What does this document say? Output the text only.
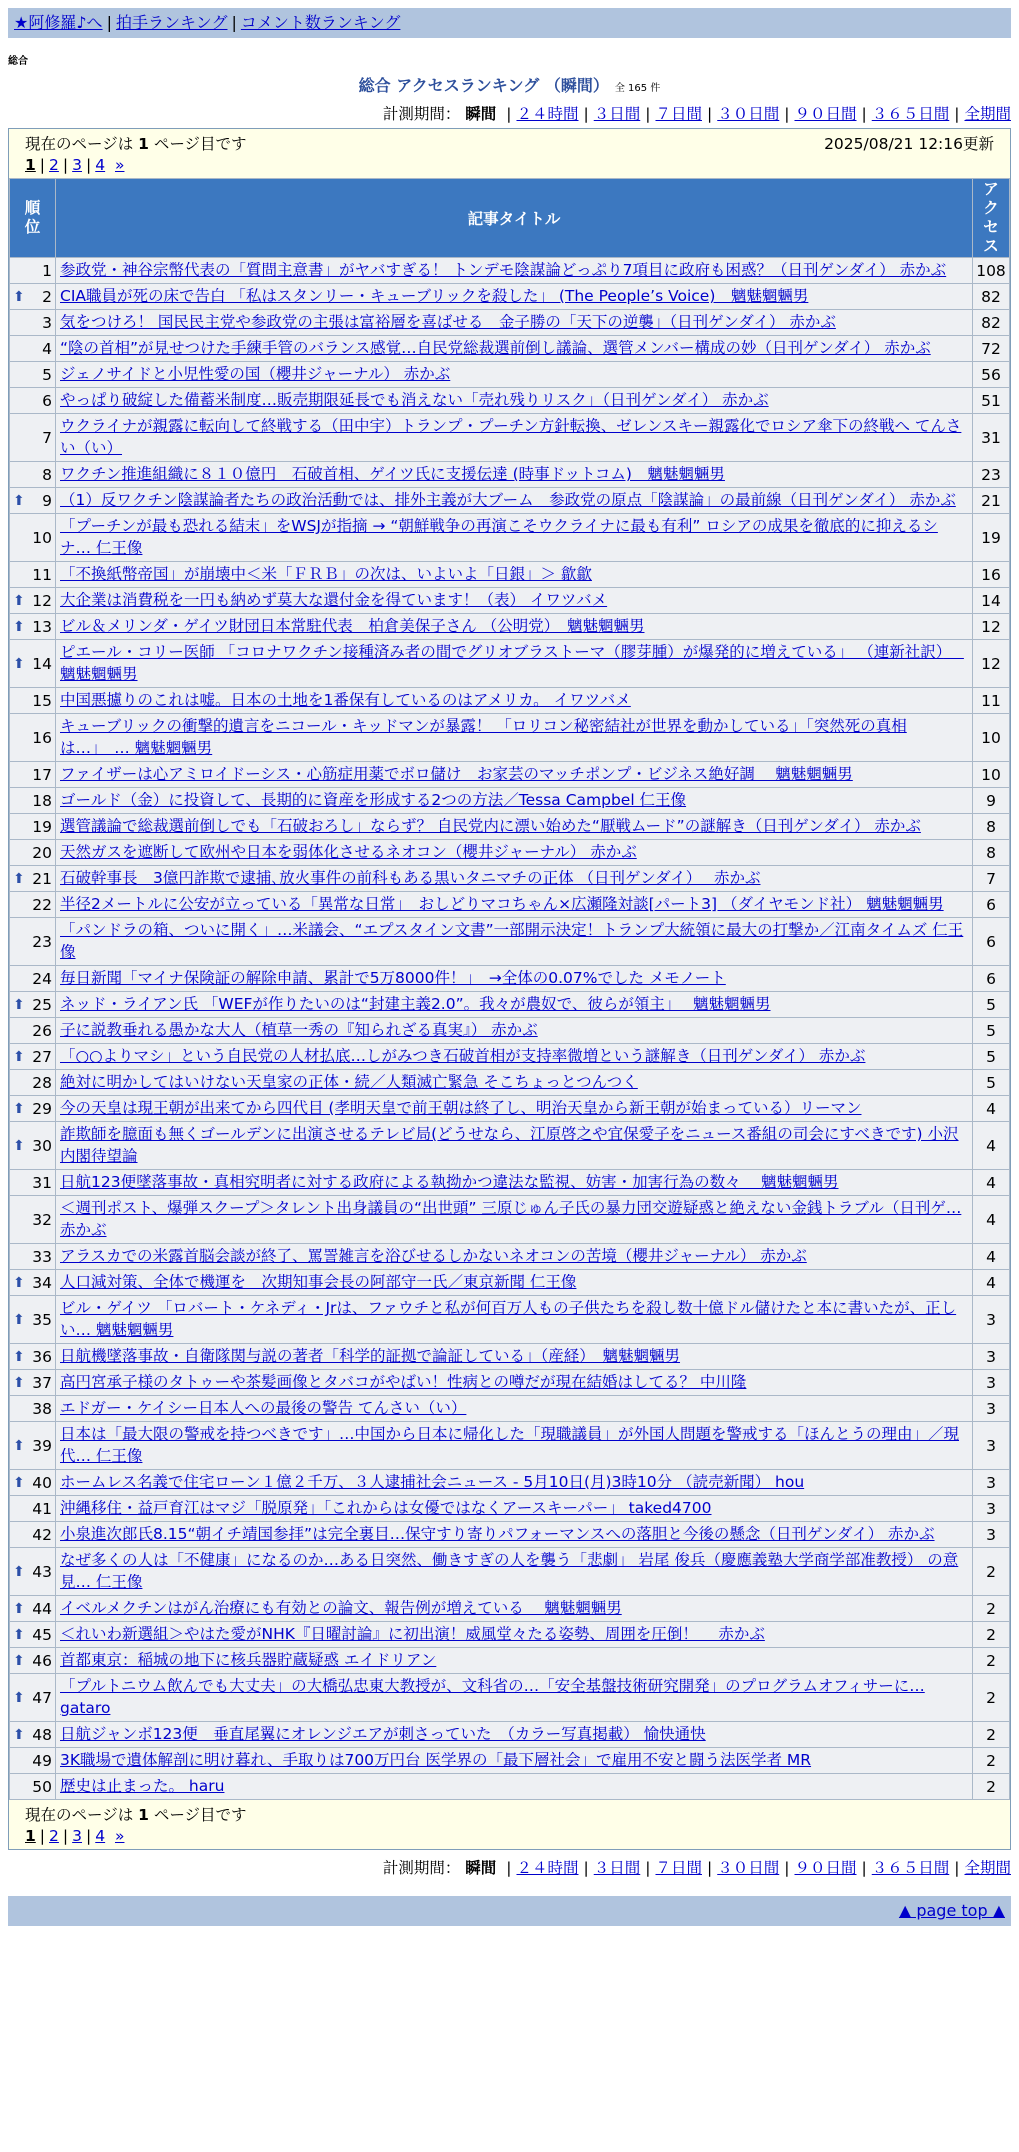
★阿修羅♪へ | 拍手ランキング | コメント数ランキング
総合
総合 アクセスランキング （瞬間） 全 165 件
計測期間： 瞬間 | ２４時間 | ３日間 | ７日間 | ３０日間 | ９０日間 | ３６５日間 | 全期間
現在のページは 1 ページ目です	2025/08/21 12:16更新
1 | 2 | 3 | 4 »
順位	記事タイトル	アクセス
1	参政党・神谷宗幣代表の「質問主意書」がヤバすぎる！ トンデモ陰謀論どっぷり7項目に政府も困惑？（日刊ゲンダイ） 赤かぶ	108

⬆ 2	CIA職員が死の床で告白 「私はスタンリー・キューブリックを殺した」 (The People’s Voice)　魑魅魍魎男	82
3	気をつけろ！ 国民民主党や参政党の主張は富裕層を喜ばせる　金子勝の「天下の逆襲」（日刊ゲンダイ） 赤かぶ	82
4	“陰の首相”が見せつけた手練手管のバランス感覚…自民党総裁選前倒し議論、選管メンバー構成の妙（日刊ゲンダイ） 赤かぶ	72
5	ジェノサイドと小児性愛の国（櫻井ジャーナル） 赤かぶ	56
6	やっぱり破綻した備蓄米制度…販売期限延長でも消えない「売れ残りリスク」（日刊ゲンダイ） 赤かぶ	51
7	ウクライナが親露に転向して終戦する（田中宇）トランプ・プーチン方針転換、ゼレンスキー親露化でロシア傘下の終戦へ てんさい（い）	31
8	ワクチン推進組織に８１０億円　石破首相、ゲイツ氏に支援伝達 (時事ドットコム)　魑魅魍魎男	23

⬆ 9	（1）反ワクチン陰謀論者たちの政治活動では、排外主義が大ブーム　参政党の原点「陰謀論」の最前線（日刊ゲンダイ） 赤かぶ	21
10	「プーチンが最も恐れる結末」をWSJが指摘 → “朝鮮戦争の再演こそウクライナに最も有利” ロシアの成果を徹底的に抑えるシナ… 仁王像	19
11	「不換紙幣帝国」が崩壊中＜米「ＦＲＢ」の次は、いよいよ「日銀」＞ 歙歙	16

⬆ 12	大企業は消費税を一円も納めず莫大な還付金を得ています！（表） イワツバメ	14

⬆ 13	ビル＆メリンダ・ゲイツ財団日本常駐代表　柏倉美保子さん （公明党）　魑魅魍魎男	12

⬆ 14	ピエール・コリー医師 「コロナワクチン接種済み者の間でグリオブラストーマ（膠芽腫）が爆発的に増えている」 （連新社訳）　 魑魅魍魎男	12
15	中国悪攄りのこれは嘘。日本の土地を1番保有しているのはアメリカ。 イワツバメ	11
16	キューブリックの衝撃的遺言をニコール・キッドマンが暴露！ 「ロリコン秘密結社が世界を動かしている」「突然死の真相は…」　… 魑魅魍魎男	10
17	ファイザーは心アミロイドーシス・心筋症用薬でボロ儲け　お家芸のマッチポンプ・ビジネス絶好調　 魑魅魍魎男	10
18	ゴールド（金）に投資して、長期的に資産を形成する2つの方法／Tessa Campbel 仁王像	9
19	選管議論で総裁選前倒しでも「石破おろし」ならず？ 自民党内に漂い始めた“厭戦ムード”の謎解き（日刊ゲンダイ） 赤かぶ	8
20	天然ガスを遮断して欧州や日本を弱体化させるネオコン（櫻井ジャーナル） 赤かぶ	8

⬆ 21	石破幹事長　3億円詐欺で逮捕､放火事件の前科もある黒いタニマチの正体 （日刊ゲンダイ）　 赤かぶ	7
22	半径2メートルに公安が立っている「異常な日常」　おしどりマコちゃん×広瀬隆対談[パート3] （ダイヤモンド社） 魑魅魍魎男	6
23	「パンドラの箱、ついに開く」…米議会、“エプスタイン文書”一部開示決定！トランプ大統領に最大の打撃か／江南タイムズ 仁王像	6
24	毎日新聞「マイナ保険証の解除申請、累計で5万8000件！」　→全体の0.07%でした メモノート	6

⬆ 25	ネッド・ライアン氏 「WEFが作りたいのは“封建主義2.0”。我々が農奴で、彼らが領主」　 魑魅魍魎男	5
26	子に説教垂れる愚かな大人（植草一秀の『知られざる真実』） 赤かぶ	5

⬆ 27	「○○よりマシ」という自民党の人材払底…しがみつき石破首相が支持率微増という謎解き（日刊ゲンダイ） 赤かぶ	5
28	絶対に明かしてはいけない天皇家の正体・続／人類滅亡緊急 そこちょっとつんつく	5

⬆ 29	今の天皇は現王朝が出来てから四代目 (孝明天皇で前王朝は終了し、明治天皇から新王朝が始まっている）リーマン	4

⬆ 30	詐欺師を臆面も無くゴールデンに出演させるテレビ局(どうせなら、江原啓之や宜保愛子をニュース番組の司会にすべきです) 小沢内閣待望論	4
31	日航123便墜落事故・真相究明者に対する政府による執拗かつ違法な監視、妨害・加害行為の数々　 魑魅魍魎男	4
32	＜週刊ポスト、爆弾スクープ＞タレント出身議員の“出世頭” 三原じゅん子氏の暴力団交遊疑惑と絶えない金銭トラブル（日刊ゲ… 赤かぶ	4
33	アラスカでの米露首脳会談が終了、罵詈雑言を浴びせるしかないネオコンの苦境（櫻井ジャーナル） 赤かぶ	4

⬆ 34	人口減対策、全体で機運を　次期知事会長の阿部守一氏／東京新聞 仁王像	4

⬆ 35	ビル・ゲイツ 「ロバート・ケネディ・Jrは、ファウチと私が何百万人もの子供たちを殺し数十億ドル儲けたと本に書いたが、正しい… 魑魅魍魎男	3

⬆ 36	日航機墜落事故・自衛隊関与説の著者「科学的証拠で論証している」（産経）　魑魅魍魎男	3

⬆ 37	高円宮承子様のタトゥーや茶髪画像とタバコがやばい！性病との噂だが現在結婚はしてる？ 中川隆	3
38	エドガー・ケイシー日本人への最後の警告 てんさい（い）	3

⬆ 39	日本は「最大限の警戒を持つべきです」…中国から日本に帰化した「現職議員」が外国人問題を警戒する「ほんとうの理由」／現代… 仁王像	3

⬆ 40	ホームレス名義で住宅ローン１億２千万、３人逮捕社会ニュース - 5月10日(月)3時10分 （読売新聞） hou	3
41	沖縄移住・益戸育江はマジ「脱原発」「これからは女優ではなくアースキーパー」 taked4700	3
42	小泉進次郎氏8.15“朝イチ靖国参拝”は完全裏目…保守すり寄りパフォーマンスへの落胆と今後の懸念（日刊ゲンダイ） 赤かぶ	3

⬆ 43	なぜ多くの人は「不健康」になるのか…ある日突然、働きすぎの人を襲う「悲劇」 岩尾 俊兵（慶應義塾大学商学部准教授） の意見… 仁王像	2

⬆ 44	イベルメクチンはがん治療にも有効との論文、報告例が増えている　 魑魅魍魎男	2

⬆ 45	＜れいわ新選組＞やはた愛がNHK『日曜討論』に初出演！威風堂々たる姿勢、周囲を圧倒！　 赤かぶ	2

⬆ 46	首都東京：稲城の地下に核兵器貯蔵疑惑 エイドリアン	2

⬆ 47	「プルトニウム飲んでも大丈夫」の大橋弘忠東大教授が、文科省の…「安全基盤技術研究開発」のプログラムオフィサーに… gataro	2

⬆ 48	日航ジャンボ123便　垂直尾翼にオレンジエアが刺さっていた　（カラー写真掲載） 愉快通快	2
49	3K職場で遺体解剖に明け暮れ、手取りは700万円台 医学界の「最下層社会」で雇用不安と闘う法医学者 MR	2
50	歴史は止まった。 haru	2
現在のページは 1 ページ目です
1 | 2 | 3 | 4 »
計測期間： 瞬間 | ２４時間 | ３日間 | ７日間 | ３０日間 | ９０日間 | ３６５日間 | 全期間
▲ page top ▲
